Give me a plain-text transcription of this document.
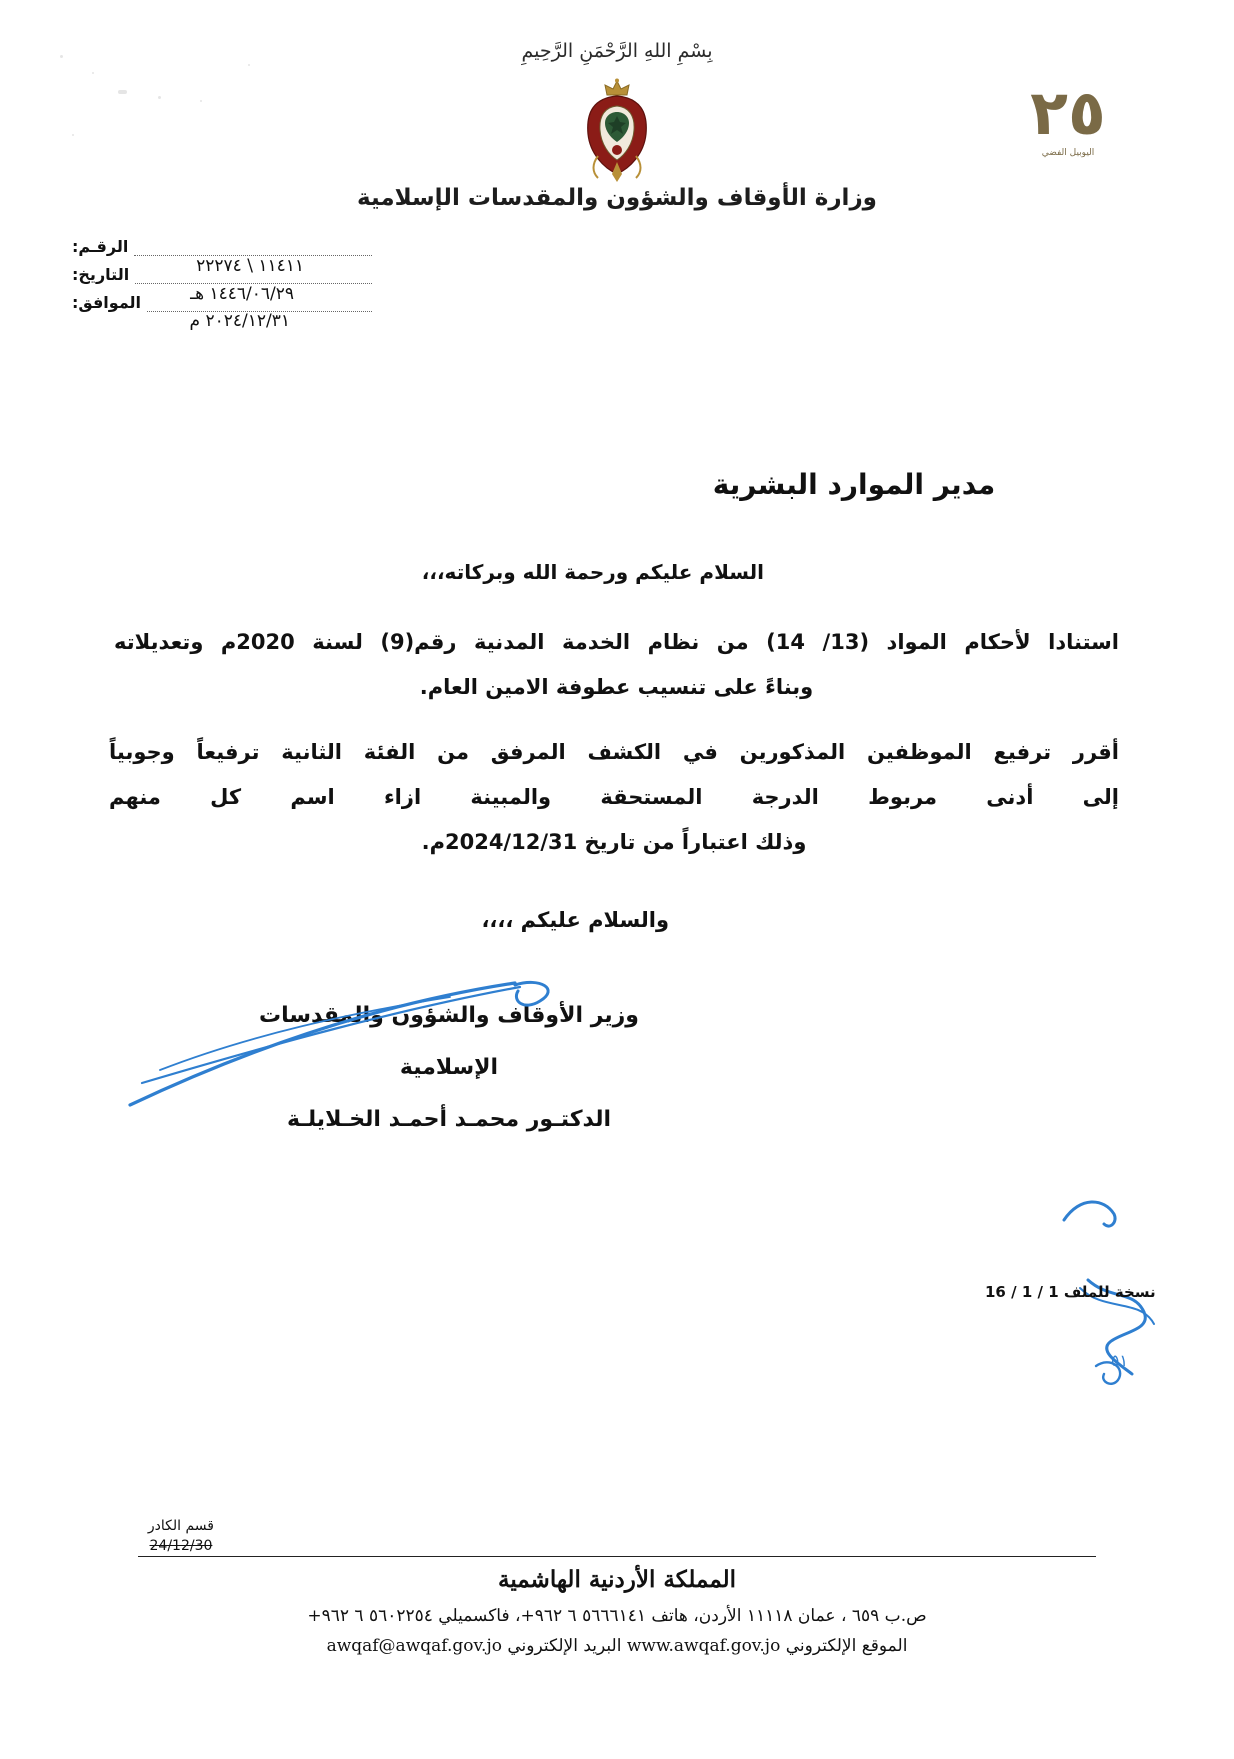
بِسْمِ اللهِ الرَّحْمَنِ الرَّحِيمِ
وزارة الأوقاف والشؤون والمقدسات الإسلامية
٢٥
اليوبيل الفضي
الرقـم:
التاريخ:
الموافق:
١١٤١١ \ ٢٢٢٧٤
١٤٤٦/٠٦/٢٩ هـ
٢٠٢٤/١٢/٣١ م
مدير الموارد البشرية
السلام عليكم ورحمة الله وبركاته،،،
استنادا لأحكام المواد (13/ 14) من نظام الخدمة المدنية رقم(9) لسنة 2020م وتعديلاته
وبناءً على تنسيب عطوفة الامين العام.
أقرر ترفيع الموظفين المذكورين في الكشف المرفق من الفئة الثانية ترفيعاً وجوبياً
إلى أدنى مربوط الدرجة المستحقة والمبينة ازاء اسم كل منهم
وذلك اعتباراً من تاريخ 2024/12/31م.
والسلام عليكم ،،،،
وزير الأوقاف والشؤون والمقدسات الإسلامية
الدكتـور محمـد أحمـد الخـلايلـة
٥١
نسخة للملف 1 / 1 / 16
قسم الكادر
24/12/30
المملكة الأردنية الهاشمية
ص.ب ٦٥٩ ، عمان ١١١١٨ الأردن، هاتف ٥٦٦٦١٤١ ٦ ٩٦٢+، فاكسميلي ٥٦٠٢٢٥٤ ٦ ٩٦٢+
الموقع الإلكتروني www.awqaf.gov.jo البريد الإلكتروني awqaf@awqaf.gov.jo
